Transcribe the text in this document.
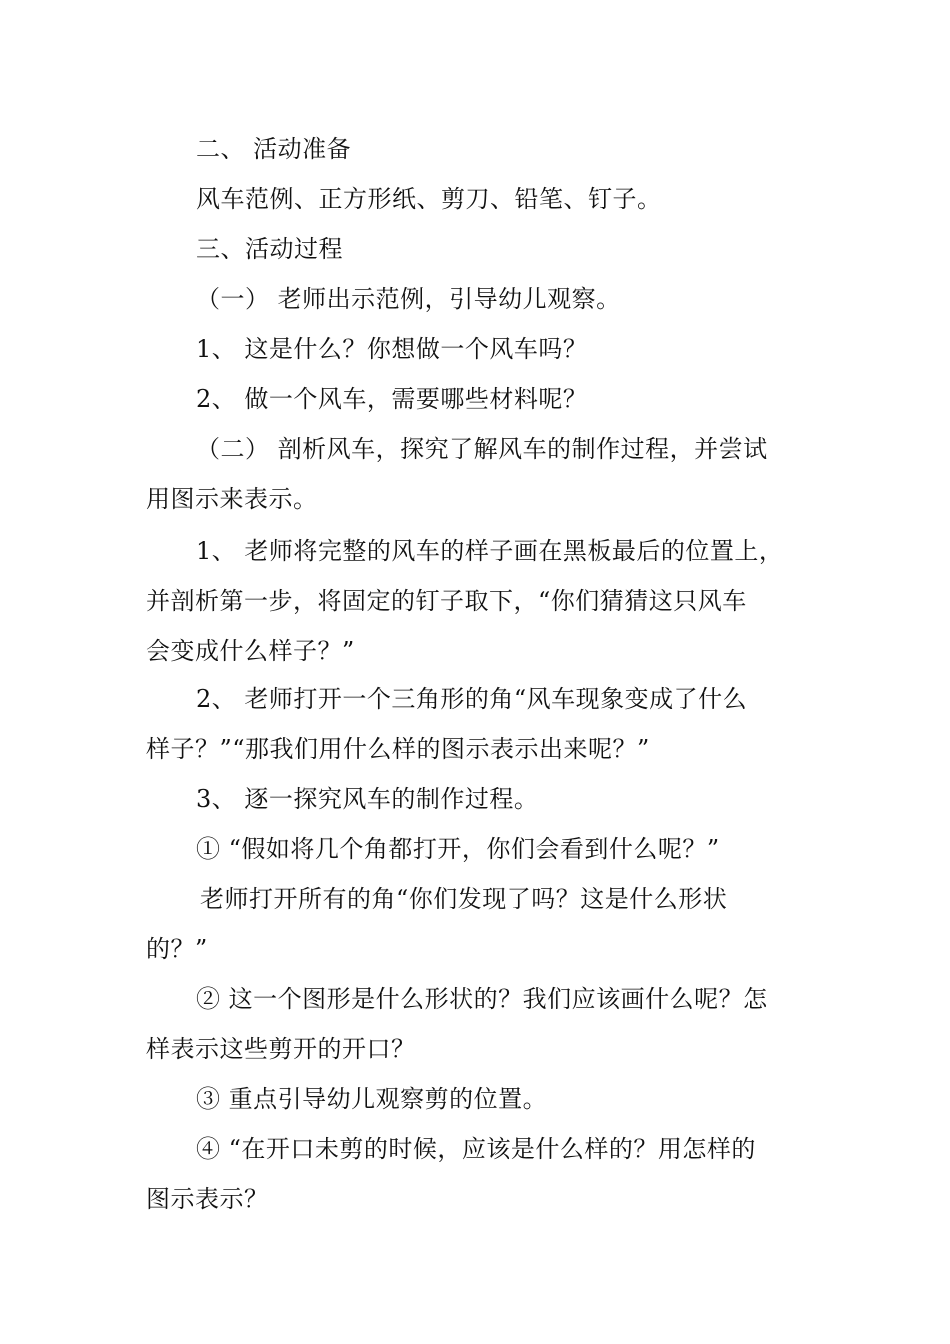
二、 活动准备
风车范例、正方形纸、剪刀、铅笔、钉子。
三、活动过程
（一） 老师出示范例，引导幼儿观察。
1、 这是什么？你想做一个风车吗？
2、 做一个风车，需要哪些材料呢？
（二） 剖析风车，探究了解风车的制作过程，并尝试
用图示来表示。
1、 老师将完整的风车的样子画在黑板最后的位置上，
并剖析第一步，将固定的钉子取下，“你们猜猜这只风车
会变成什么样子？”
2、 老师打开一个三角形的角“风车现象变成了什么
样子？”“那我们用什么样的图示表示出来呢？”
3、 逐一探究风车的制作过程。
① “假如将几个角都打开，你们会看到什么呢？”
老师打开所有的角“你们发现了吗？这是什么形状
的？”
② 这一个图形是什么形状的？我们应该画什么呢？怎
样表示这些剪开的开口？
③ 重点引导幼儿观察剪的位置。
④ “在开口未剪的时候，应该是什么样的？用怎样的
图示表示？
